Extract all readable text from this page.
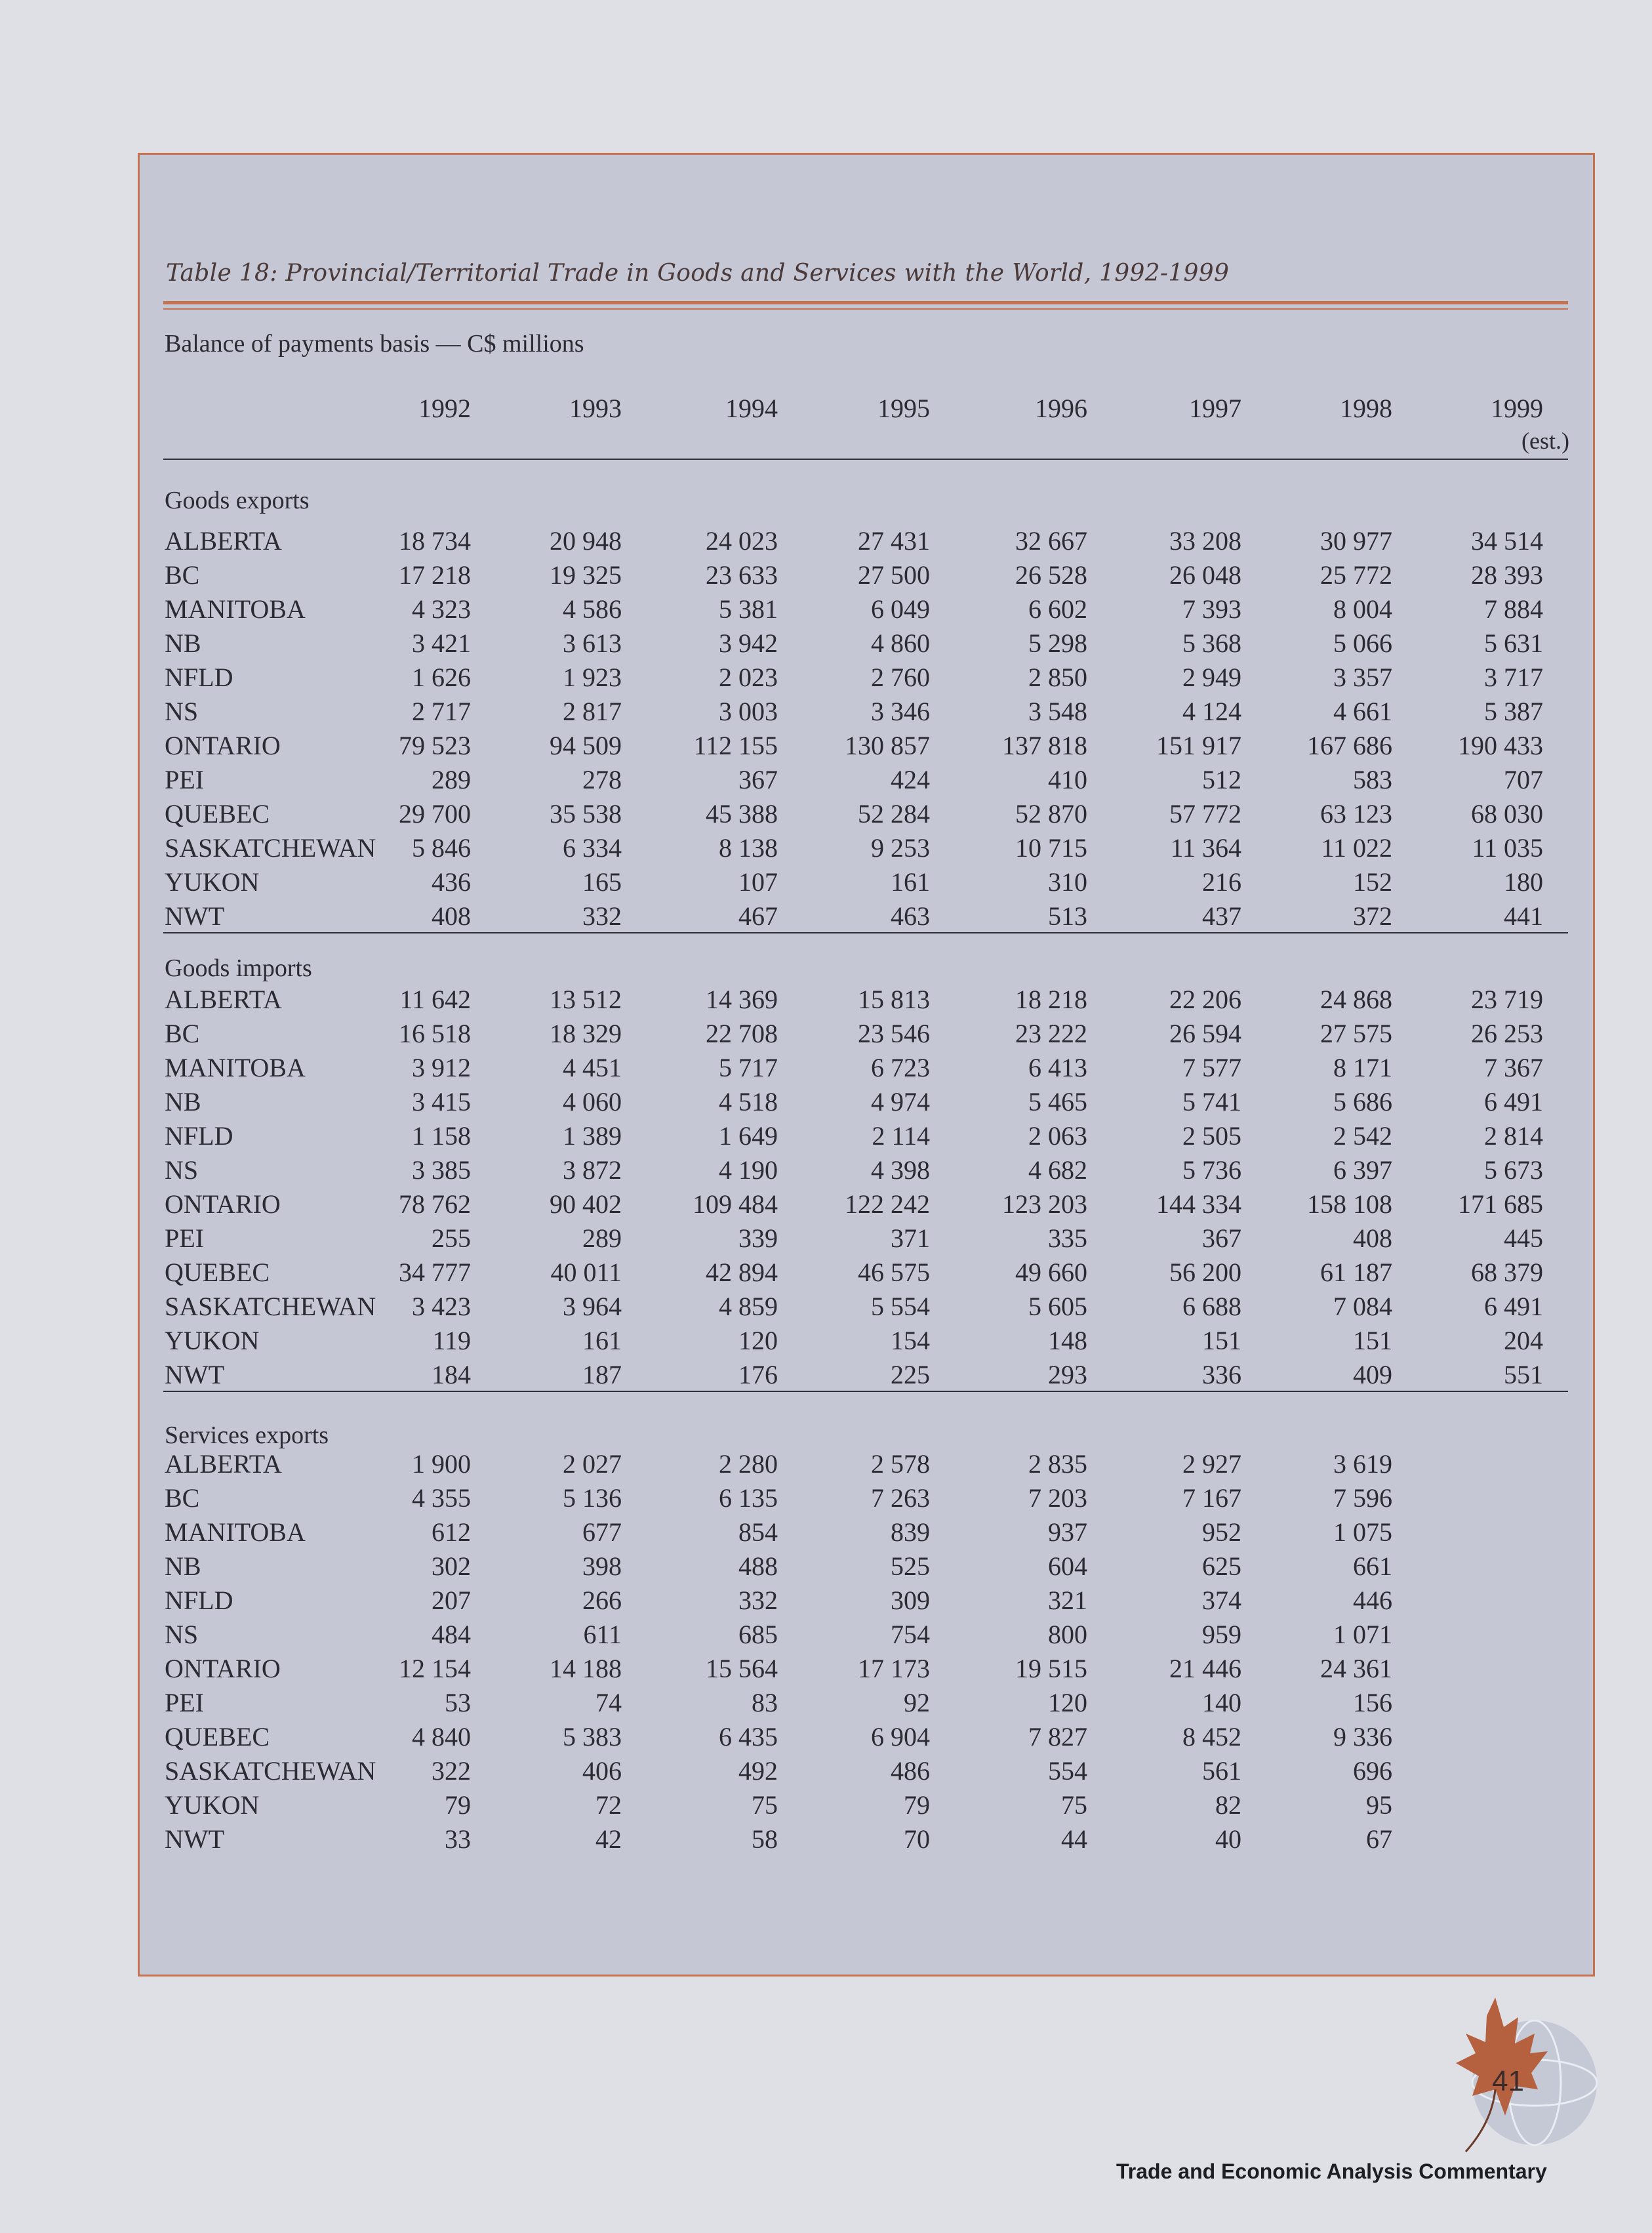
Table 18: Provincial/Territorial Trade in Goods and Services with the World, 1992-1999
Balance of payments basis — C$ millions
1992	1993	1994	1995	1996	1997	1998	1999
(est.)
Goods exports
ALBERTA	18 734	20 948	24 023	27 431	32 667	33 208	30 977	34 514
BC	17 218	19 325	23 633	27 500	26 528	26 048	25 772	28 393
MANITOBA	4 323	4 586	5 381	6 049	6 602	7 393	8 004	7 884
NB	3 421	3 613	3 942	4 860	5 298	5 368	5 066	5 631
NFLD	1 626	1 923	2 023	2 760	2 850	2 949	3 357	3 717
NS	2 717	2 817	3 003	3 346	3 548	4 124	4 661	5 387
ONTARIO	79 523	94 509	112 155	130 857	137 818	151 917	167 686	190 433
PEI	289	278	367	424	410	512	583	707
QUEBEC	29 700	35 538	45 388	52 284	52 870	57 772	63 123	68 030
SASKATCHEWAN	5 846	6 334	8 138	9 253	10 715	11 364	11 022	11 035
YUKON	436	165	107	161	310	216	152	180
NWT	408	332	467	463	513	437	372	441
Goods imports
ALBERTA	11 642	13 512	14 369	15 813	18 218	22 206	24 868	23 719
BC	16 518	18 329	22 708	23 546	23 222	26 594	27 575	26 253
MANITOBA	3 912	4 451	5 717	6 723	6 413	7 577	8 171	7 367
NB	3 415	4 060	4 518	4 974	5 465	5 741	5 686	6 491
NFLD	1 158	1 389	1 649	2 114	2 063	2 505	2 542	2 814
NS	3 385	3 872	4 190	4 398	4 682	5 736	6 397	5 673
ONTARIO	78 762	90 402	109 484	122 242	123 203	144 334	158 108	171 685
PEI	255	289	339	371	335	367	408	445
QUEBEC	34 777	40 011	42 894	46 575	49 660	56 200	61 187	68 379
SASKATCHEWAN	3 423	3 964	4 859	5 554	5 605	6 688	7 084	6 491
YUKON	119	161	120	154	148	151	151	204
NWT	184	187	176	225	293	336	409	551
Services exports
ALBERTA	1 900	2 027	2 280	2 578	2 835	2 927	3 619
BC	4 355	5 136	6 135	7 263	7 203	7 167	7 596
MANITOBA	612	677	854	839	937	952	1 075
NB	302	398	488	525	604	625	661
NFLD	207	266	332	309	321	374	446
NS	484	611	685	754	800	959	1 071
ONTARIO	12 154	14 188	15 564	17 173	19 515	21 446	24 361
PEI	53	74	83	92	120	140	156
QUEBEC	4 840	5 383	6 435	6 904	7 827	8 452	9 336
SASKATCHEWAN	322	406	492	486	554	561	696
YUKON	79	72	75	79	75	82	95
NWT	33	42	58	70	44	40	67
41
Trade and Economic Analysis Commentary
